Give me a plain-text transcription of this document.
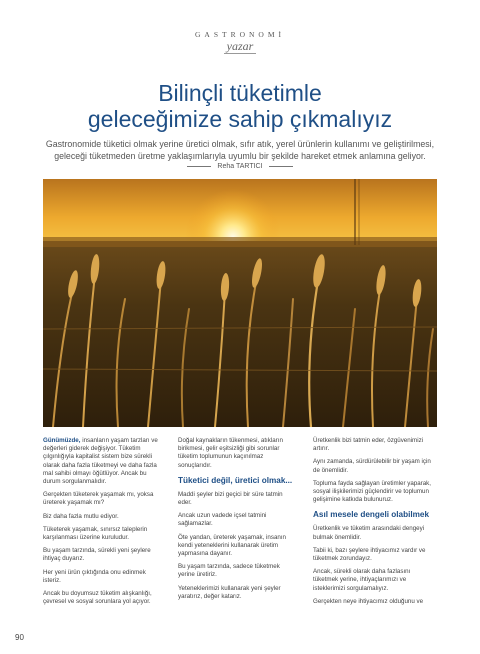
GASTRONOMİ
yazar
Bilinçli tüketimle
geleceğimize sahip çıkmalıyız
Gastronomide tüketici olmak yerine üretici olmak, sıfır atık, yerel ürünlerin kullanımı ve geliştirilmesi, geleceği tüketmeden üretme yaklaşımlarıyla uyumlu bir şekilde hareket etmek anlamına geliyor.
Reha TARTICI

Günümüzde, insanların yaşam tarzları ve değerleri giderek değişiyor. Tüketim çılgınlığıyla kapitalist sistem bize sürekli olarak daha fazla tüketmeyi ve daha fazla mal sahibi olmayı öğütlüyor. Ancak bu durum sorgulanmalıdır.

Gerçekten tüketerek yaşamak mı, yoksa üreterek yaşamak mı?

Biz daha fazla mutlu ediyor.

Tüketerek yaşamak, sınırsız taleplerin karşılanması üzerine kuruludur.

Bu yaşam tarzında, sürekli yeni şeylere ihtiyaç duyarız.

Her yeni ürün çıktığında onu edinmek isteriz.

Ancak bu doyumsuz tüketim alışkanlığı, çevresel ve sosyal sorunlara yol açıyor.

Doğal kaynakların tükenmesi, atıkların birikmesi, gelir eşitsizliği gibi sorunlar tüketim toplumunun kaçınılmaz sonuçlarıdır.

Tüketici değil, üretici olmak...

Maddi şeyler bizi geçici bir süre tatmin eder.

Ancak uzun vadede içsel tatmini sağlamazlar.

Öte yandan, üreterek yaşamak, insanın kendi yeteneklerini kullanarak üretim yapmasına dayanır.

Bu yaşam tarzında, sadece tüketmek yerine üretiriz.

Yeteneklerimizi kullanarak yeni şeyler yaratırız, değer katarız.

Üretkenlik bizi tatmin eder, özgüvenimizi artırır.

Aynı zamanda, sürdürülebilir bir yaşam için de önemlidir.

Topluma fayda sağlayan üretimler yaparak, sosyal ilişkilerimizi güçlendirir ve toplumun gelişimine katkıda bulunuruz.

Asıl mesele dengeli olabilmek

Üretkenlik ve tüketim arasındaki dengeyi bulmak önemlidir.

Tabii ki, bazı şeylere ihtiyacımız vardır ve tüketmek zorundayız.

Ancak, sürekli olarak daha fazlasını tüketmek yerine, ihtiyaçlarımızı ve isteklerimizi sorgulamalıyız.

Gerçekten neye ihtiyacımız olduğunu ve

90
